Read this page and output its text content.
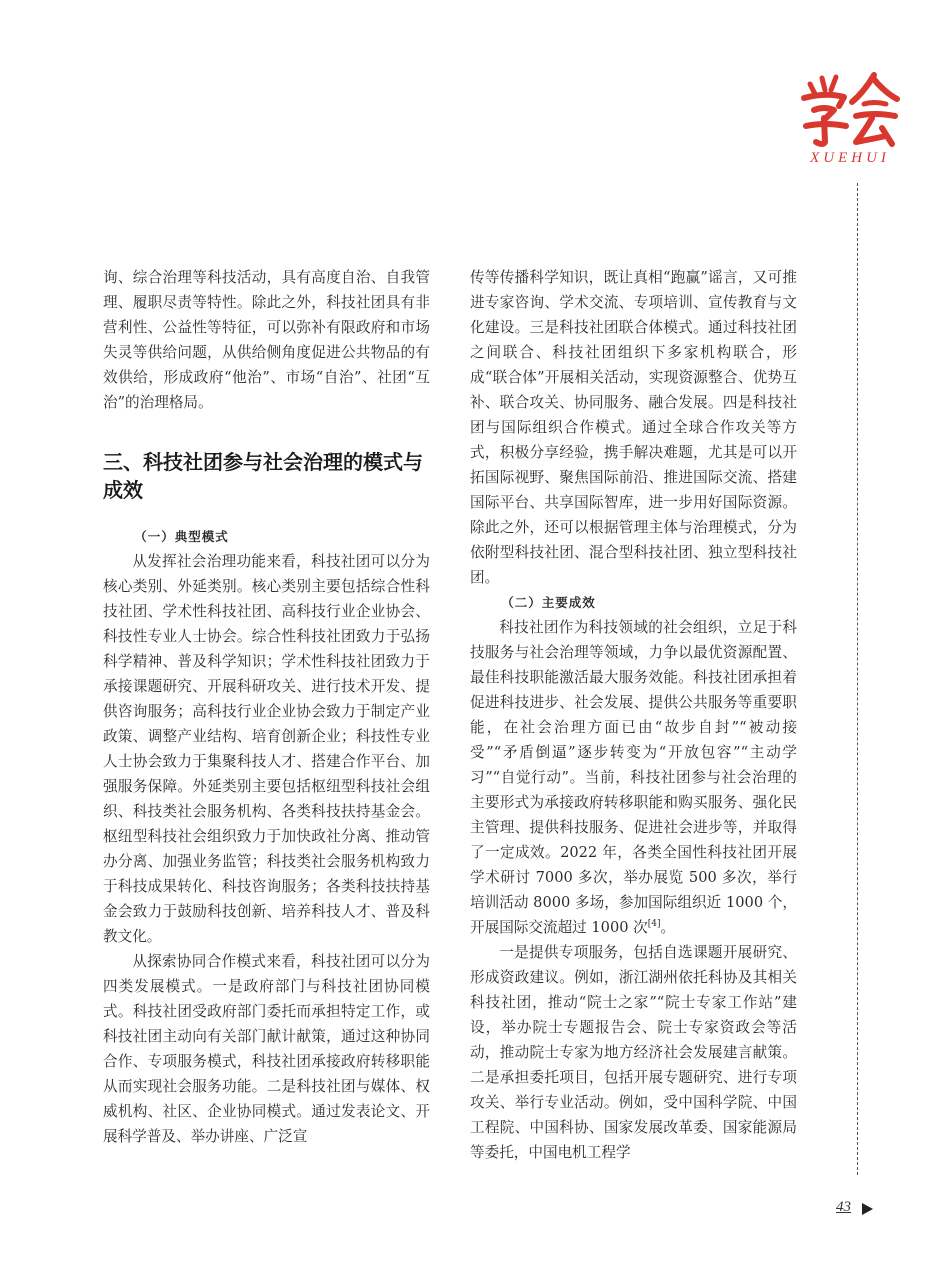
XUEHUI

询、综合治理等科技活动，具有高度自治、自我管理、履职尽责等特性。除此之外，科技社团具有非营利性、公益性等特征，可以弥补有限政府和市场失灵等供给问题，从供给侧角度促进公共物品的有效供给，形成政府“他治”、市场“自治”、社团“互治”的治理格局。

三、科技社团参与社会治理的模式与成效
（一）典型模式

从发挥社会治理功能来看，科技社团可以分为核心类别、外延类别。核心类别主要包括综合性科技社团、学术性科技社团、高科技行业企业协会、科技性专业人士协会。综合性科技社团致力于弘扬科学精神、普及科学知识；学术性科技社团致力于承接课题研究、开展科研攻关、进行技术开发、提供咨询服务；高科技行业企业协会致力于制定产业政策、调整产业结构、培育创新企业；科技性专业人士协会致力于集聚科技人才、搭建合作平台、加强服务保障。外延类别主要包括枢纽型科技社会组织、科技类社会服务机构、各类科技扶持基金会。枢纽型科技社会组织致力于加快政社分离、推动管办分离、加强业务监管；科技类社会服务机构致力于科技成果转化、科技咨询服务；各类科技扶持基金会致力于鼓励科技创新、培养科技人才、普及科教文化。

从探索协同合作模式来看，科技社团可以分为四类发展模式。一是政府部门与科技社团协同模式。科技社团受政府部门委托而承担特定工作，或科技社团主动向有关部门献计献策，通过这种协同合作、专项服务模式，科技社团承接政府转移职能从而实现社会服务功能。二是科技社团与媒体、权威机构、社区、企业协同模式。通过发表论文、开展科学普及、举办讲座、广泛宣

传等传播科学知识，既让真相“跑赢”谣言，又可推进专家咨询、学术交流、专项培训、宣传教育与文化建设。三是科技社团联合体模式。通过科技社团之间联合、科技社团组织下多家机构联合，形成“联合体”开展相关活动，实现资源整合、优势互补、联合攻关、协同服务、融合发展。四是科技社团与国际组织合作模式。通过全球合作攻关等方式，积极分享经验，携手解决难题，尤其是可以开拓国际视野、聚焦国际前沿、推进国际交流、搭建国际平台、共享国际智库，进一步用好国际资源。除此之外，还可以根据管理主体与治理模式，分为依附型科技社团、混合型科技社团、独立型科技社团。

（二）主要成效

科技社团作为科技领域的社会组织，立足于科技服务与社会治理等领域，力争以最优资源配置、最佳科技职能激活最大服务效能。科技社团承担着促进科技进步、社会发展、提供公共服务等重要职能，在社会治理方面已由“故步自封”“被动接受”“矛盾倒逼”逐步转变为“开放包容”“主动学习”“自觉行动”。当前，科技社团参与社会治理的主要形式为承接政府转移职能和购买服务、强化民主管理、提供科技服务、促进社会进步等，并取得了一定成效。2022 年，各类全国性科技社团开展学术研讨 7000 多次，举办展览 500 多次，举行培训活动 8000 多场，参加国际组织近 1000 个，开展国际交流超过 1000 次[4]。

一是提供专项服务，包括自选课题开展研究、形成资政建议。例如，浙江湖州依托科协及其相关科技社团，推动“院士之家”“院士专家工作站”建设，举办院士专题报告会、院士专家资政会等活动，推动院士专家为地方经济社会发展建言献策。二是承担委托项目，包括开展专题研究、进行专项攻关、举行专业活动。例如，受中国科学院、中国工程院、中国科协、国家发展改革委、国家能源局等委托，中国电机工程学

43
